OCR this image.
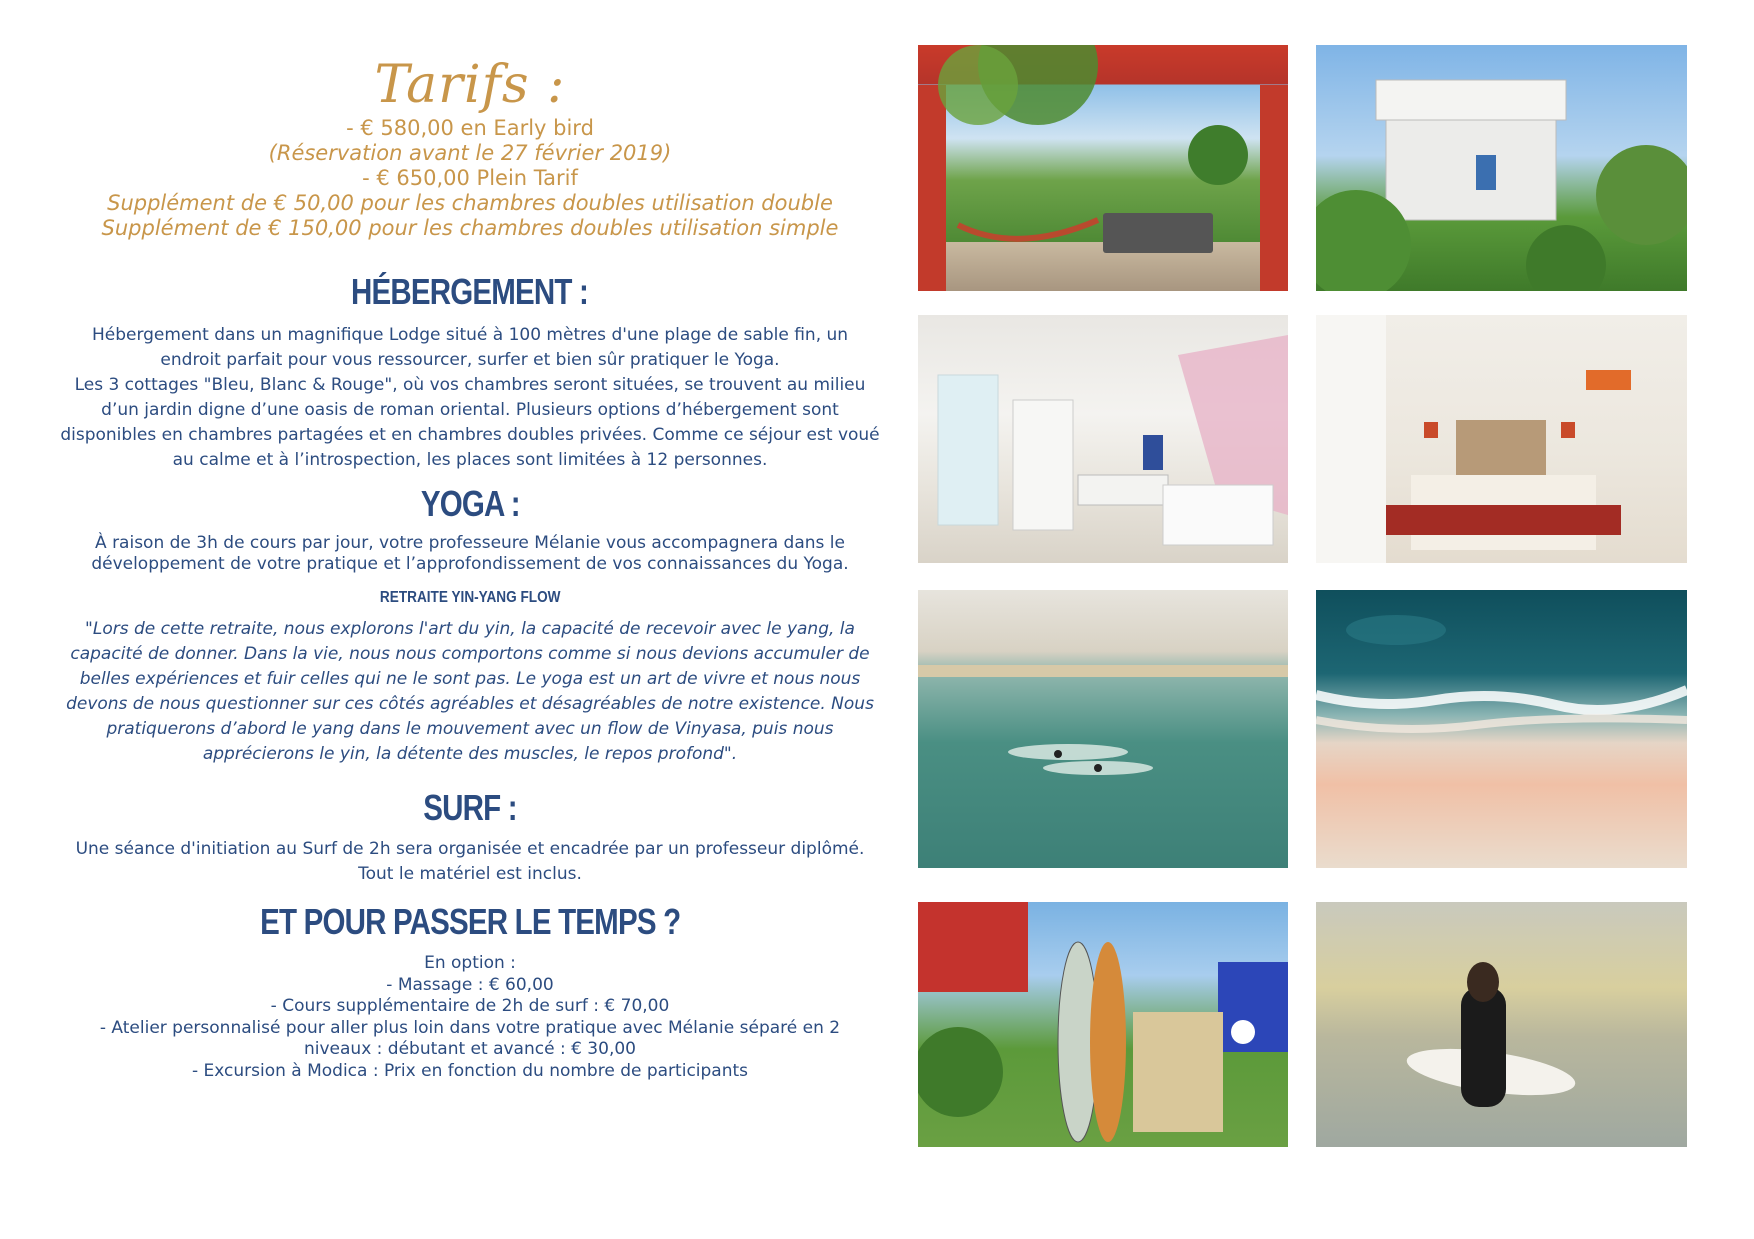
Tarifs :
- € 580,00 en Early bird
(Réservation avant le 27 février 2019)
- € 650,00 Plein Tarif
Supplément de € 50,00 pour les chambres doubles utilisation double
Supplément de € 150,00 pour les chambres doubles utilisation simple
HÉBERGEMENT :
Hébergement dans un magnifique Lodge situé à 100 mètres d'une plage de sable fin, un
endroit parfait pour vous ressourcer, surfer et bien sûr pratiquer le Yoga.
Les 3 cottages "Bleu, Blanc & Rouge", où vos chambres seront situées, se trouvent au milieu
d’un jardin digne d’une oasis de roman oriental. Plusieurs options d’hébergement sont
disponibles en chambres partagées et en chambres doubles privées. Comme ce séjour est voué
au calme et à l’introspection, les places sont limitées à 12 personnes.
YOGA :
À raison de 3h de cours par jour, votre professeure Mélanie vous accompagnera dans le
développement de votre pratique et l’approfondissement de vos connaissances du Yoga.
RETRAITE YIN-YANG FLOW
"Lors de cette retraite, nous explorons l'art du yin, la capacité de recevoir avec le yang, la
capacité de donner. Dans la vie, nous nous comportons comme si nous devions accumuler de
belles expériences et fuir celles qui ne le sont pas. Le yoga est un art de vivre et nous nous
devons de nous questionner sur ces côtés agréables et désagréables de notre existence. Nous
pratiquerons d’abord le yang dans le mouvement avec un flow de Vinyasa, puis nous
apprécierons le yin, la détente des muscles, le repos profond".
SURF :
Une séance d'initiation au Surf de 2h sera organisée et encadrée par un professeur diplômé.
Tout le matériel est inclus.
ET POUR PASSER LE TEMPS ?
En option :
- Massage : € 60,00
- Cours supplémentaire de 2h de surf : € 70,00
- Atelier personnalisé pour aller plus loin dans votre pratique avec Mélanie séparé en 2
niveaux : débutant et avancé : € 30,00
- Excursion à Modica : Prix en fonction du nombre de participants
